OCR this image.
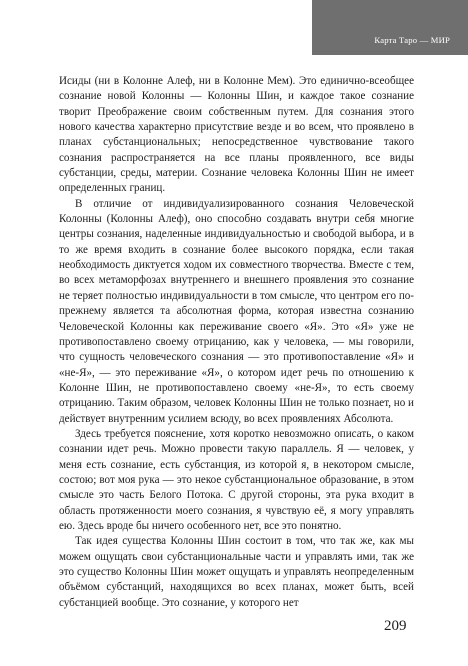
Карта Таро — МИР

Исиды (ни в Колонне Алеф, ни в Колонне Мем). Это единично-всеобщее сознание новой Колонны — Колонны Шин, и каждое такое сознание творит Преображение своим собственным путем. Для сознания этого нового качества характерно присутствие везде и во всем, что проявлено в планах субстанциональных; непосредственное чувствование такого сознания распространяется на все планы проявленного, все виды субстанции, среды, материи. Сознание человека Колонны Шин не имеет определенных границ.

В отличие от индивидуализированного сознания Человеческой Колонны (Колонны Алеф), оно способно создавать внутри себя многие центры сознания, наделенные индивидуальностью и свободой выбора, и в то же время входить в сознание более высокого порядка, если такая необходимость диктуется ходом их совместного творчества. Вместе с тем, во всех метаморфозах внутреннего и внешнего проявления это сознание не теряет полностью индивидуальности в том смысле, что центром его по-прежнему является та абсолютная форма, которая известна сознанию Человеческой Колонны как переживание своего «Я». Это «Я» уже не противопоставлено своему отрицанию, как у человека, — мы говорили, что сущность человеческого сознания — это противопоставление «Я» и «не-Я», — это переживание «Я», о котором идет речь по отношению к Колонне Шин, не противопоставлено своему «не-Я», то есть своему отрицанию. Таким образом, человек Колонны Шин не только познает, но и действует внутренним усилием всюду, во всех проявлениях Абсолюта.

Здесь требуется пояснение, хотя коротко невозможно описать, о каком сознании идет речь. Можно провести такую параллель. Я — человек, у меня есть сознание, есть субстанция, из которой я, в некотором смысле, состою; вот моя рука — это некое субстанциональное образование, в этом смысле это часть Белого Потока. С другой стороны, эта рука входит в область протяженности моего сознания, я чувствую её, я могу управлять ею. Здесь вроде бы ничего особенного нет, все это понятно.

Так идея существа Колонны Шин состоит в том, что так же, как мы можем ощущать свои субстанциональные части и управлять ими, так же это существо Колонны Шин может ощущать и управлять неопределенным объёмом субстанций, находящихся во всех планах, может быть, всей субстанцией вообще. Это сознание, у которого нет

209
